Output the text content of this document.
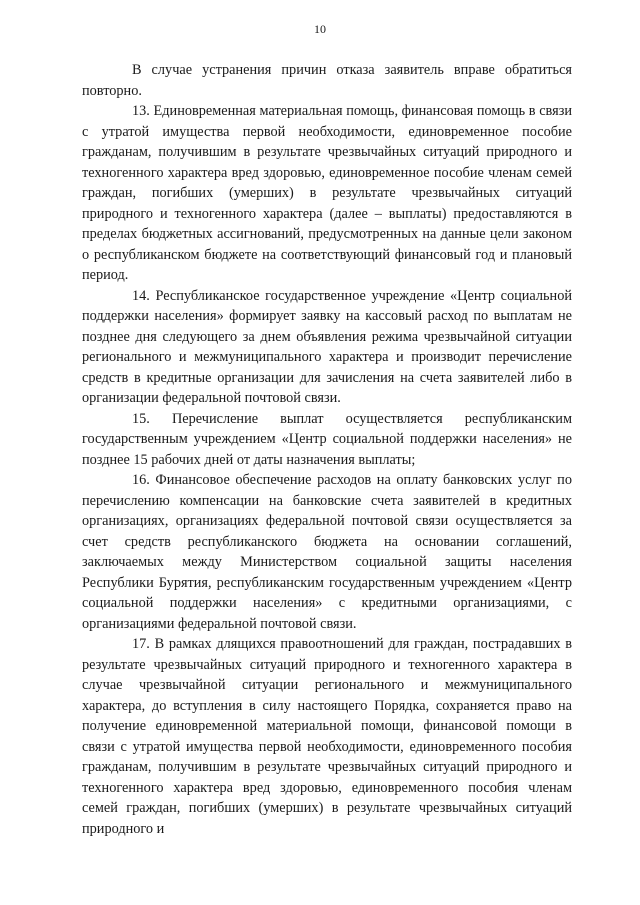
10

В случае устранения причин отказа заявитель вправе обратиться повторно.

13. Единовременная материальная помощь, финансовая помощь в связи с утратой имущества первой необходимости, единовременное пособие гражданам, получившим в результате чрезвычайных ситуаций природного и техногенного характера вред здоровью, единовременное пособие членам семей граждан, погибших (умерших) в результате чрезвычайных ситуаций природного и техногенного характера (далее – выплаты) предоставляются в пределах бюджетных ассигнований, предусмотренных на данные цели законом о республиканском бюджете на соответствующий финансовый год и плановый период.

14. Республиканское государственное учреждение «Центр социальной поддержки населения» формирует заявку на кассовый расход по выплатам не позднее дня следующего за днем объявления режима чрезвычайной ситуации регионального и межмуниципального характера и производит перечисление средств в кредитные организации для зачисления на счета заявителей либо в организации федеральной почтовой связи.

15. Перечисление выплат осуществляется республиканским государственным учреждением «Центр социальной поддержки населения» не позднее 15 рабочих дней от даты назначения выплаты;

16. Финансовое обеспечение расходов на оплату банковских услуг по перечислению компенсации на банковские счета заявителей в кредитных организациях, организациях федеральной почтовой связи осуществляется за счет средств республиканского бюджета на основании соглашений, заключаемых между Министерством социальной защиты населения Республики Бурятия, республиканским государственным учреждением «Центр социальной поддержки населения» с кредитными организациями, с организациями федеральной почтовой связи.

17. В рамках длящихся правоотношений для граждан, пострадавших в результате чрезвычайных ситуаций природного и техногенного характера в случае чрезвычайной ситуации регионального и межмуниципального характера, до вступления в силу настоящего Порядка, сохраняется право на получение единовременной материальной помощи, финансовой помощи в связи с утратой имущества первой необходимости, единовременного пособия гражданам, получившим в результате чрезвычайных ситуаций природного и техногенного характера вред здоровью, единовременного пособия членам семей граждан, погибших (умерших) в результате чрезвычайных ситуаций природного и
